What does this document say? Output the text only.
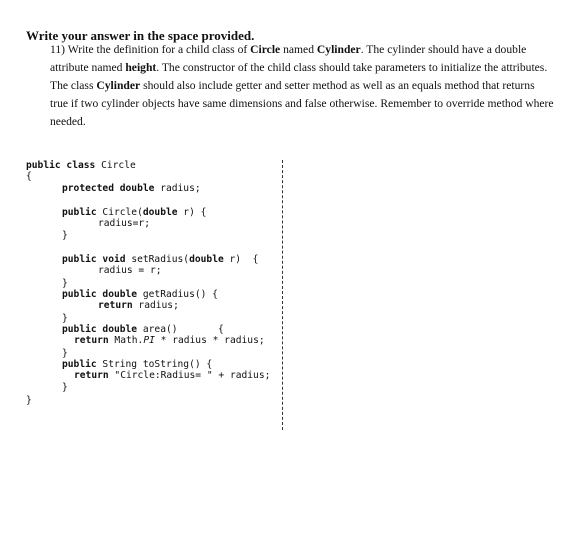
Write your answer in the space provided.
11) Write the definition for a child class of Circle named Cylinder. The cylinder should have a double attribute named height. The constructor of the child class should take parameters to initialize the attributes. The class Cylinder should also include getter and setter method as well as an equals method that returns true if two cylinder objects have same dimensions and false otherwise. Remember to override method where needed.
public class Circle
{
protected double radius;
public Circle(double r) {
radius=r;
}
public void setRadius(double r)  {
radius = r;
}
public double getRadius() {
return radius;
}
public double area()       {
return Math.PI * radius * radius;
}
public String toString() {
return "Circle:Radius= " + radius;
}
}
